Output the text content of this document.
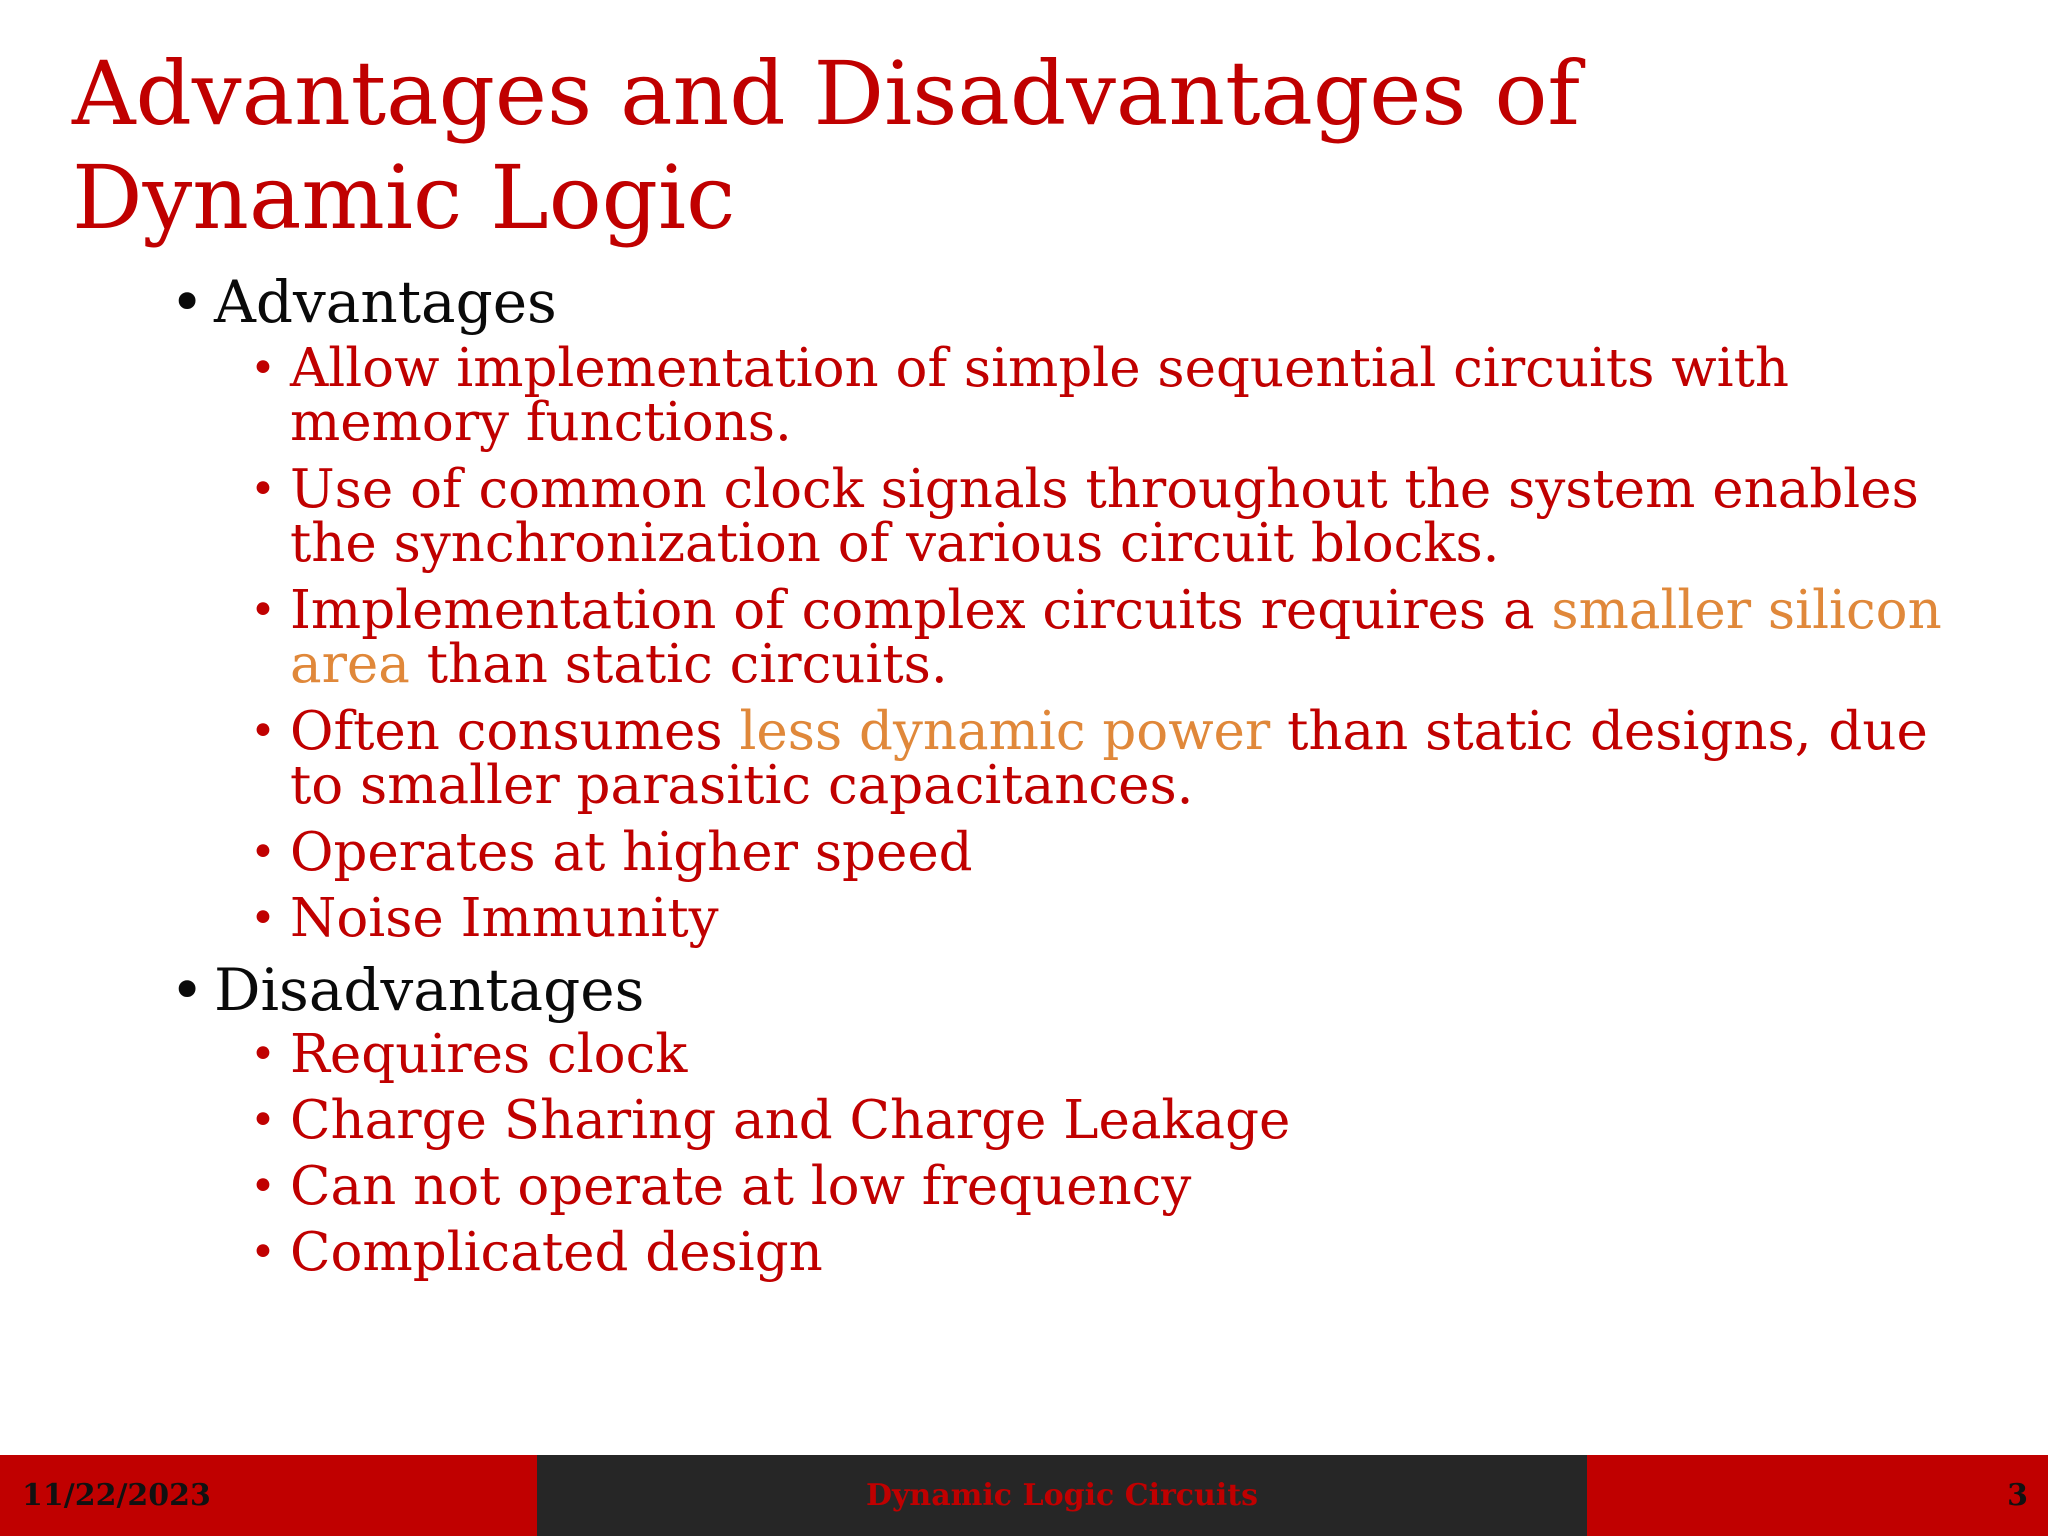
Advantages and Disadvantages of Dynamic Logic
• Advantages
• Allow implementation of simple sequential circuits with memory functions.
• Use of common clock signals throughout the system enables the synchronization of various circuit blocks.
• Implementation of complex circuits requires a smaller silicon area than static circuits.
• Often consumes less dynamic power than static designs, due to smaller parasitic capacitances.
• Operates at higher speed
• Noise Immunity
• Disadvantages
• Requires clock
• Charge Sharing and Charge Leakage
• Can not operate at low frequency
• Complicated design
11/22/2023	Dynamic Logic Circuits	3
